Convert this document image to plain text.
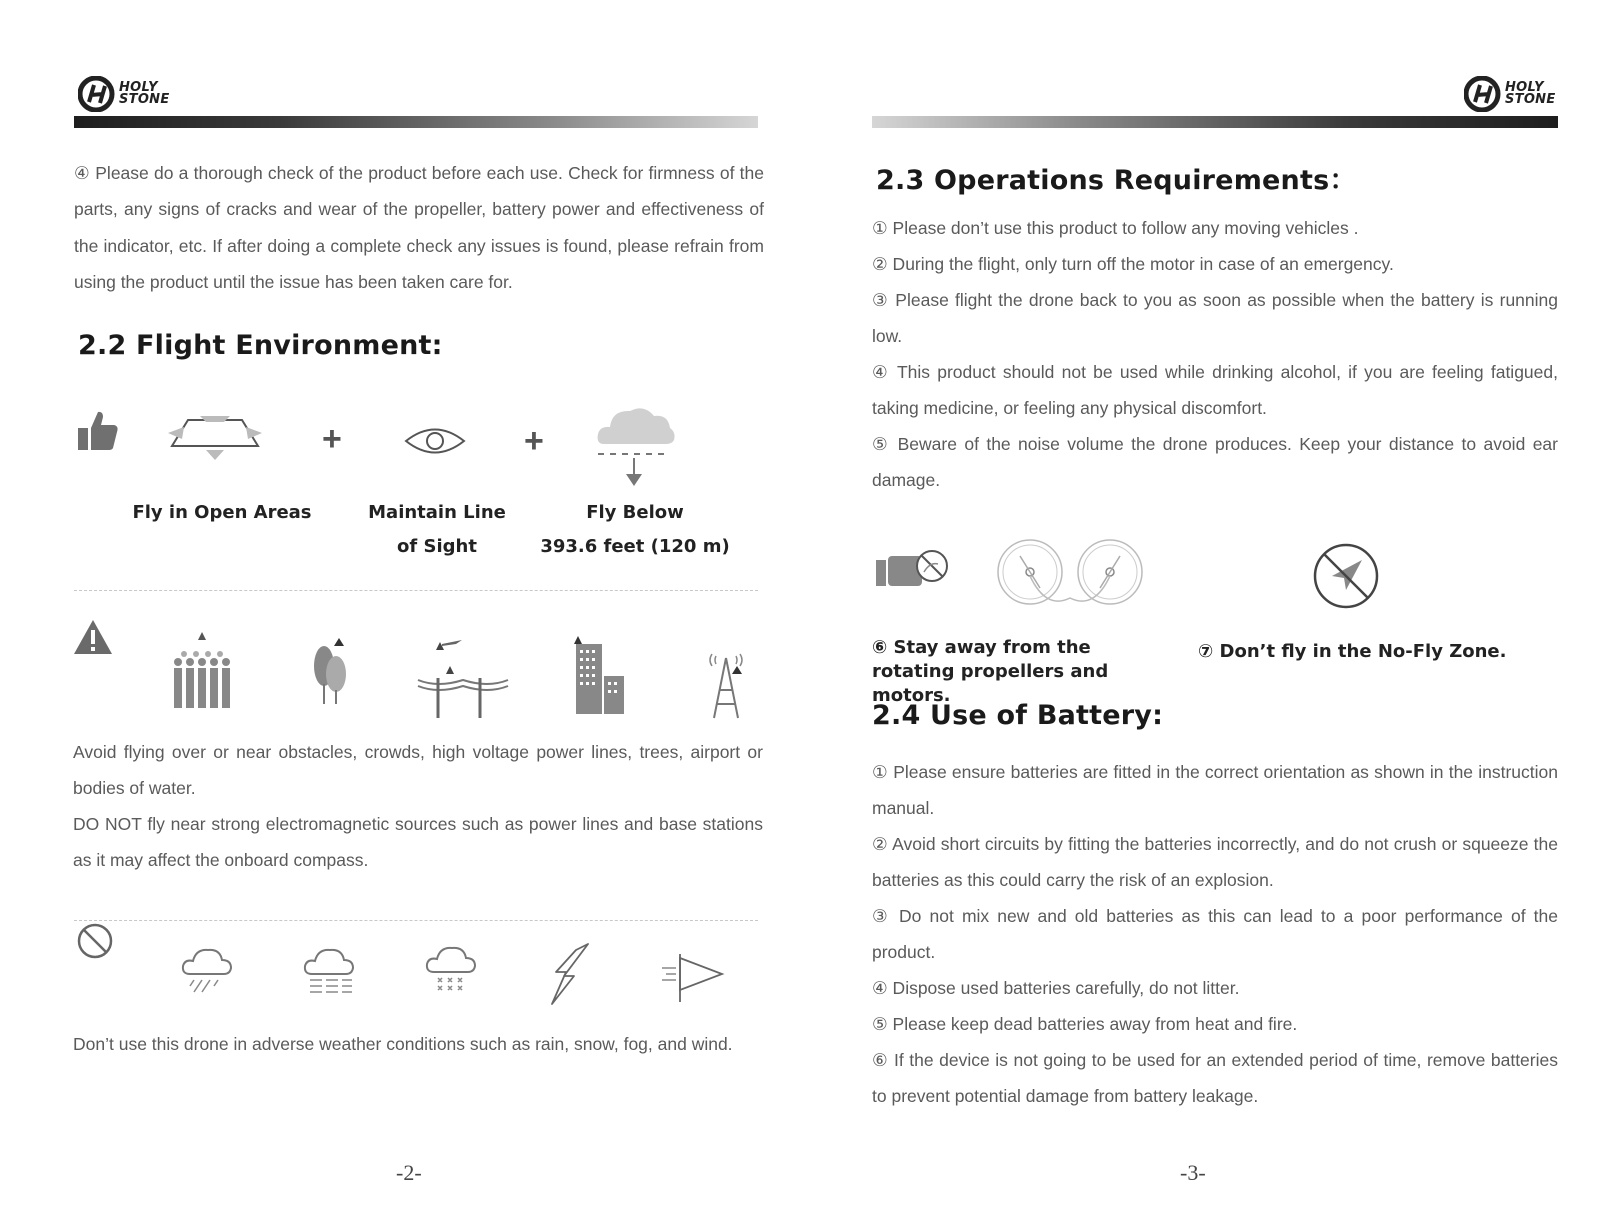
HOLY
STONE

④ Please do a thorough check of the product before each use. Check for firmness of the parts, any signs of cracks and wear of the propeller, battery power and effectiveness of the indicator, etc. If after doing a complete check any issues is found, please refrain from using the product until the issue has been taken care for.

2.2 Flight Environment:
+	+
Fly in Open Areas	Maintain Line
of Sight
Fly Below
393.6 feet (120 m)

Avoid flying over or near obstacles, crowds, high voltage power lines, trees, airport or bodies of water.

DO NOT fly near strong electromagnetic sources such as power lines and base stations as it may affect the onboard compass.

Don’t use this drone in adverse weather conditions such as rain, snow, fog, and wind.

-2-
HOLY
STONE
2.3 Operations Requirements：

① Please don’t use this product to follow any moving vehicles .

② During the flight, only turn off the motor in case of an emergency.

③ Please flight the drone back to you as soon as possible when the battery is running low.

④ This product should not be used while drinking alcohol, if you are feeling fatigued, taking medicine, or feeling any physical discomfort.

⑤ Beware of the noise volume the drone produces. Keep your distance to avoid ear damage.

⑥ Stay away from the rotating propellers and motors.
⑦ Don’t fly in the No-Fly Zone.
2.4 Use of Battery:

① Please ensure batteries are fitted in the correct orientation as shown in the instruction manual.

② Avoid short circuits by fitting the batteries incorrectly, and do not crush or squeeze the batteries as this could carry the risk of an explosion.

③ Do not mix new and old batteries as this can lead to a poor performance of the product.

④ Dispose used batteries carefully, do not litter.

⑤ Please keep dead batteries away from heat and fire.

⑥ If the device is not going to be used for an extended period of time, remove batteries to prevent potential damage from battery leakage.

-3-
